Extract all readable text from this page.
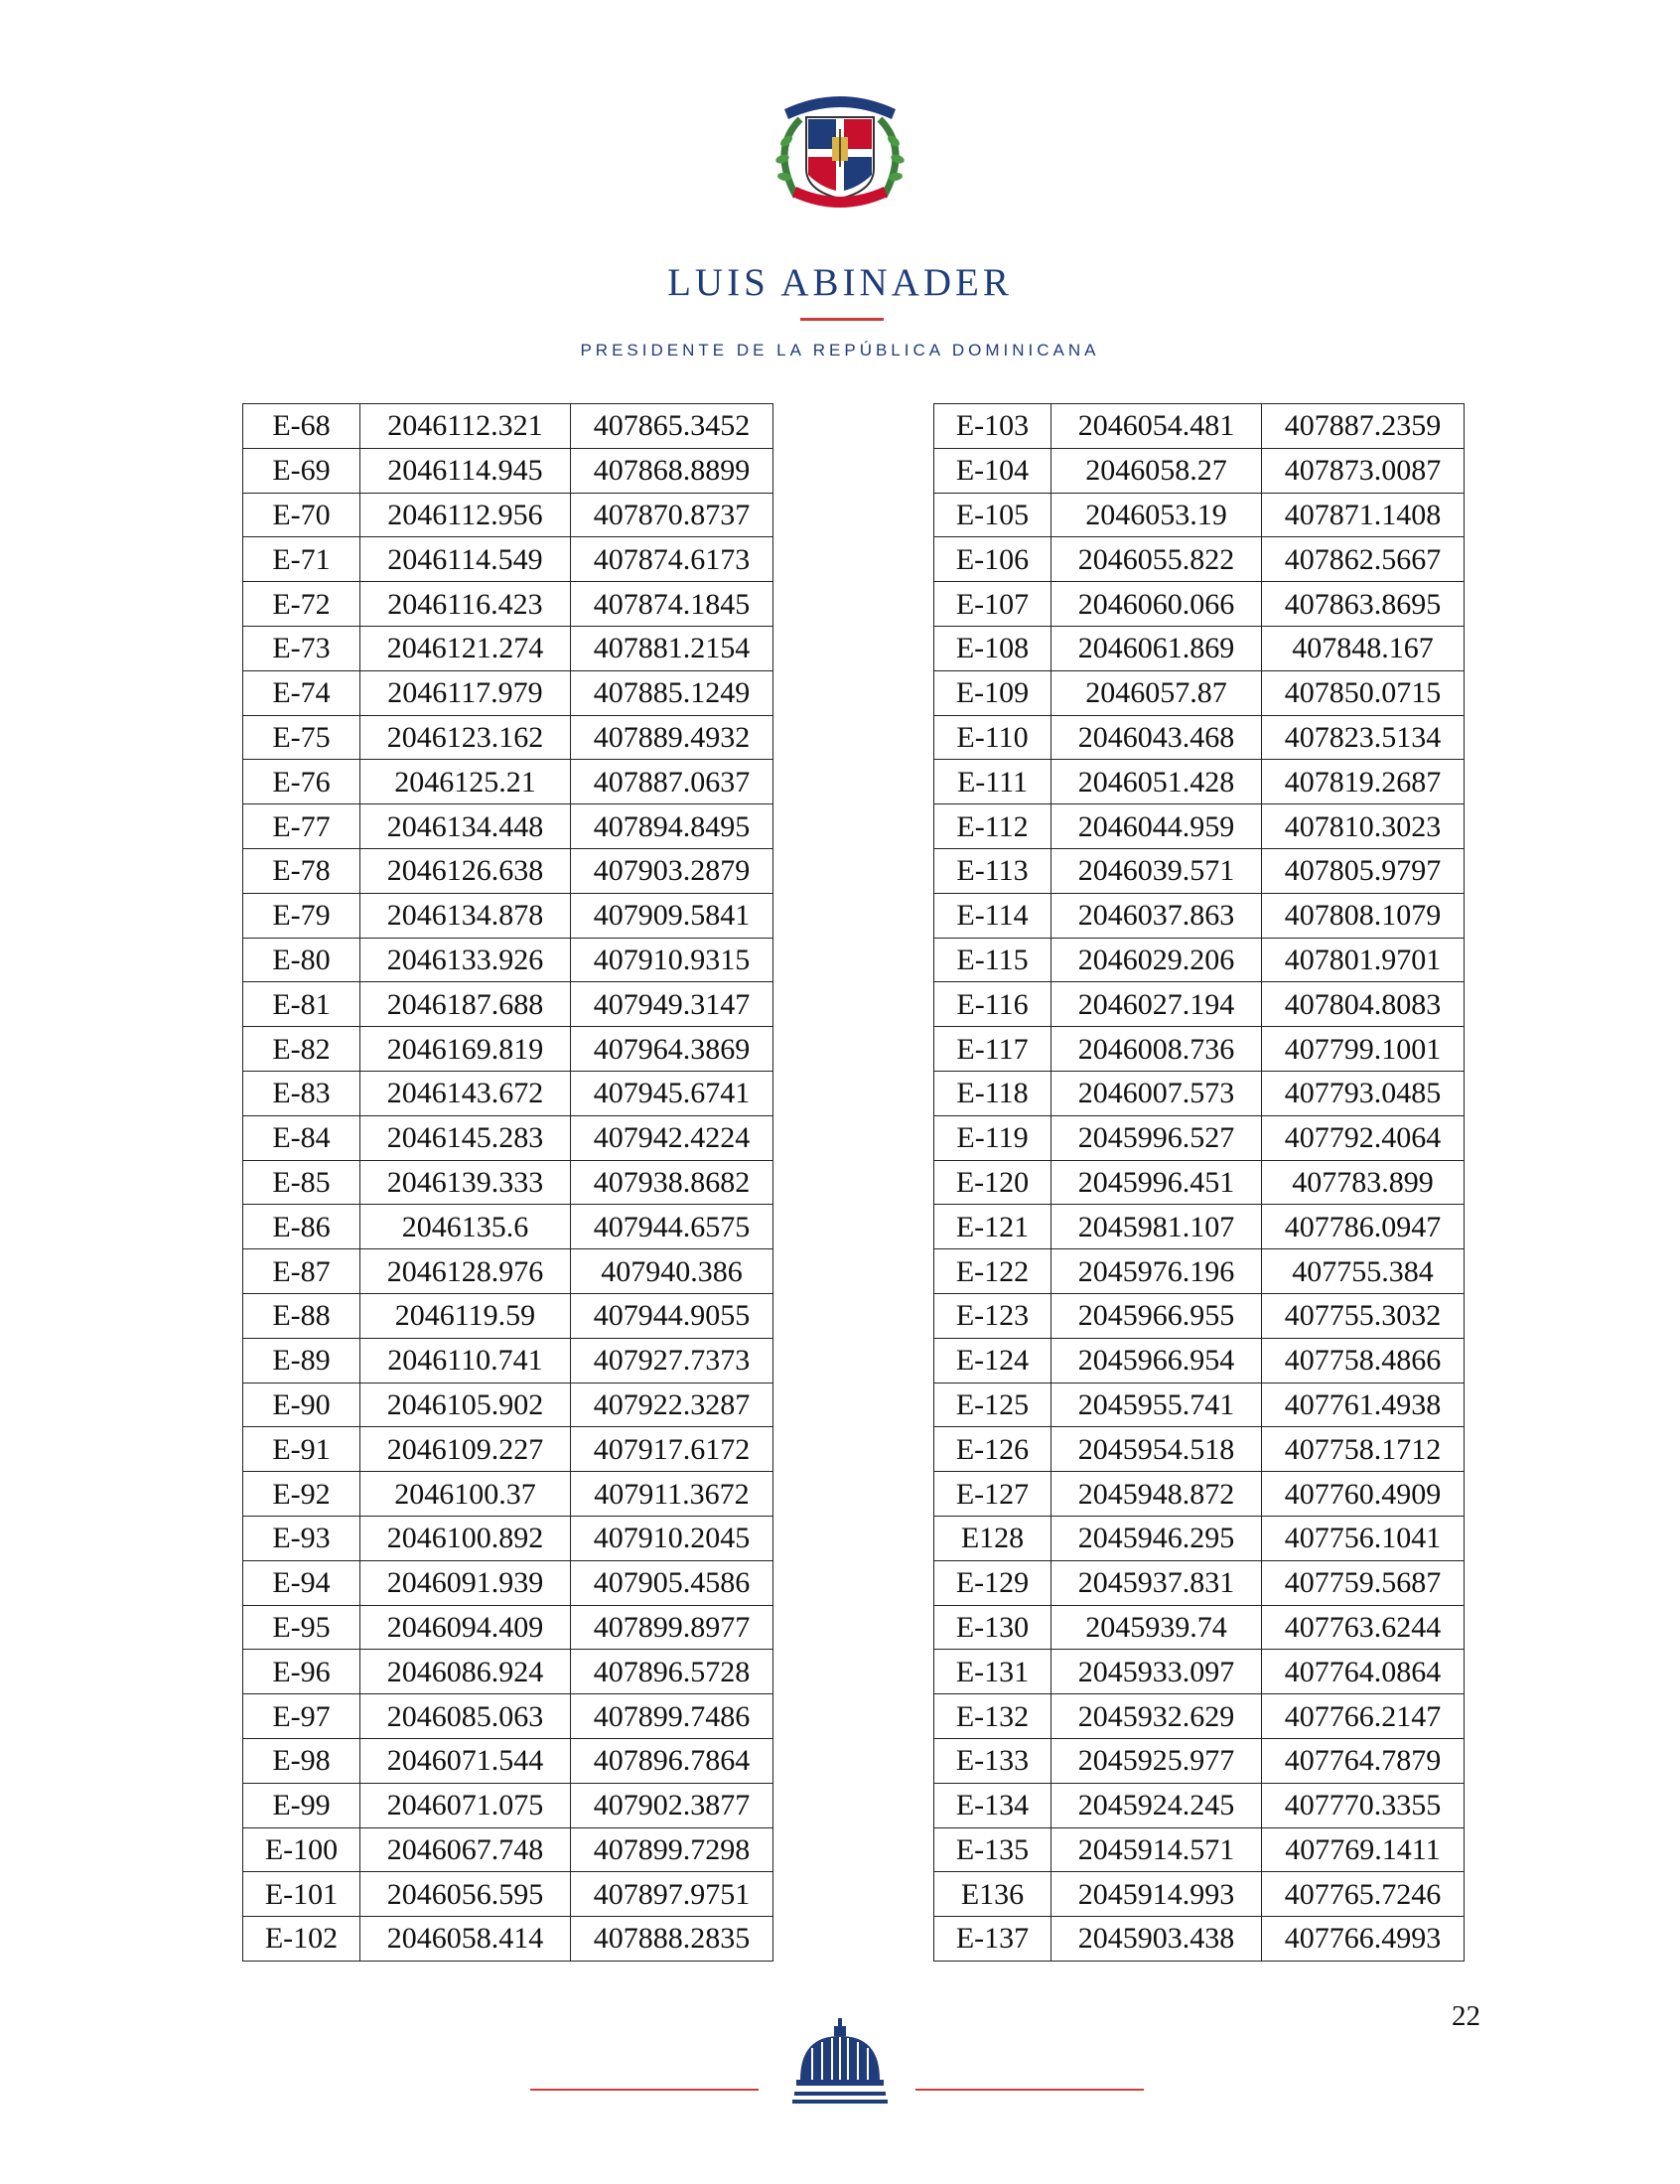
LUIS ABINADER
PRESIDENTE DE LA REPÚBLICA DOMINICANA
E-68	2046112.321	407865.3452
E-69	2046114.945	407868.8899
E-70	2046112.956	407870.8737
E-71	2046114.549	407874.6173
E-72	2046116.423	407874.1845
E-73	2046121.274	407881.2154
E-74	2046117.979	407885.1249
E-75	2046123.162	407889.4932
E-76	2046125.21	407887.0637
E-77	2046134.448	407894.8495
E-78	2046126.638	407903.2879
E-79	2046134.878	407909.5841
E-80	2046133.926	407910.9315
E-81	2046187.688	407949.3147
E-82	2046169.819	407964.3869
E-83	2046143.672	407945.6741
E-84	2046145.283	407942.4224
E-85	2046139.333	407938.8682
E-86	2046135.6	407944.6575
E-87	2046128.976	407940.386
E-88	2046119.59	407944.9055
E-89	2046110.741	407927.7373
E-90	2046105.902	407922.3287
E-91	2046109.227	407917.6172
E-92	2046100.37	407911.3672
E-93	2046100.892	407910.2045
E-94	2046091.939	407905.4586
E-95	2046094.409	407899.8977
E-96	2046086.924	407896.5728
E-97	2046085.063	407899.7486
E-98	2046071.544	407896.7864
E-99	2046071.075	407902.3877
E-100	2046067.748	407899.7298
E-101	2046056.595	407897.9751
E-102	2046058.414	407888.2835
E-103	2046054.481	407887.2359
E-104	2046058.27	407873.0087
E-105	2046053.19	407871.1408
E-106	2046055.822	407862.5667
E-107	2046060.066	407863.8695
E-108	2046061.869	407848.167
E-109	2046057.87	407850.0715
E-110	2046043.468	407823.5134
E-111	2046051.428	407819.2687
E-112	2046044.959	407810.3023
E-113	2046039.571	407805.9797
E-114	2046037.863	407808.1079
E-115	2046029.206	407801.9701
E-116	2046027.194	407804.8083
E-117	2046008.736	407799.1001
E-118	2046007.573	407793.0485
E-119	2045996.527	407792.4064
E-120	2045996.451	407783.899
E-121	2045981.107	407786.0947
E-122	2045976.196	407755.384
E-123	2045966.955	407755.3032
E-124	2045966.954	407758.4866
E-125	2045955.741	407761.4938
E-126	2045954.518	407758.1712
E-127	2045948.872	407760.4909
E128	2045946.295	407756.1041
E-129	2045937.831	407759.5687
E-130	2045939.74	407763.6244
E-131	2045933.097	407764.0864
E-132	2045932.629	407766.2147
E-133	2045925.977	407764.7879
E-134	2045924.245	407770.3355
E-135	2045914.571	407769.1411
E136	2045914.993	407765.7246
E-137	2045903.438	407766.4993
22
